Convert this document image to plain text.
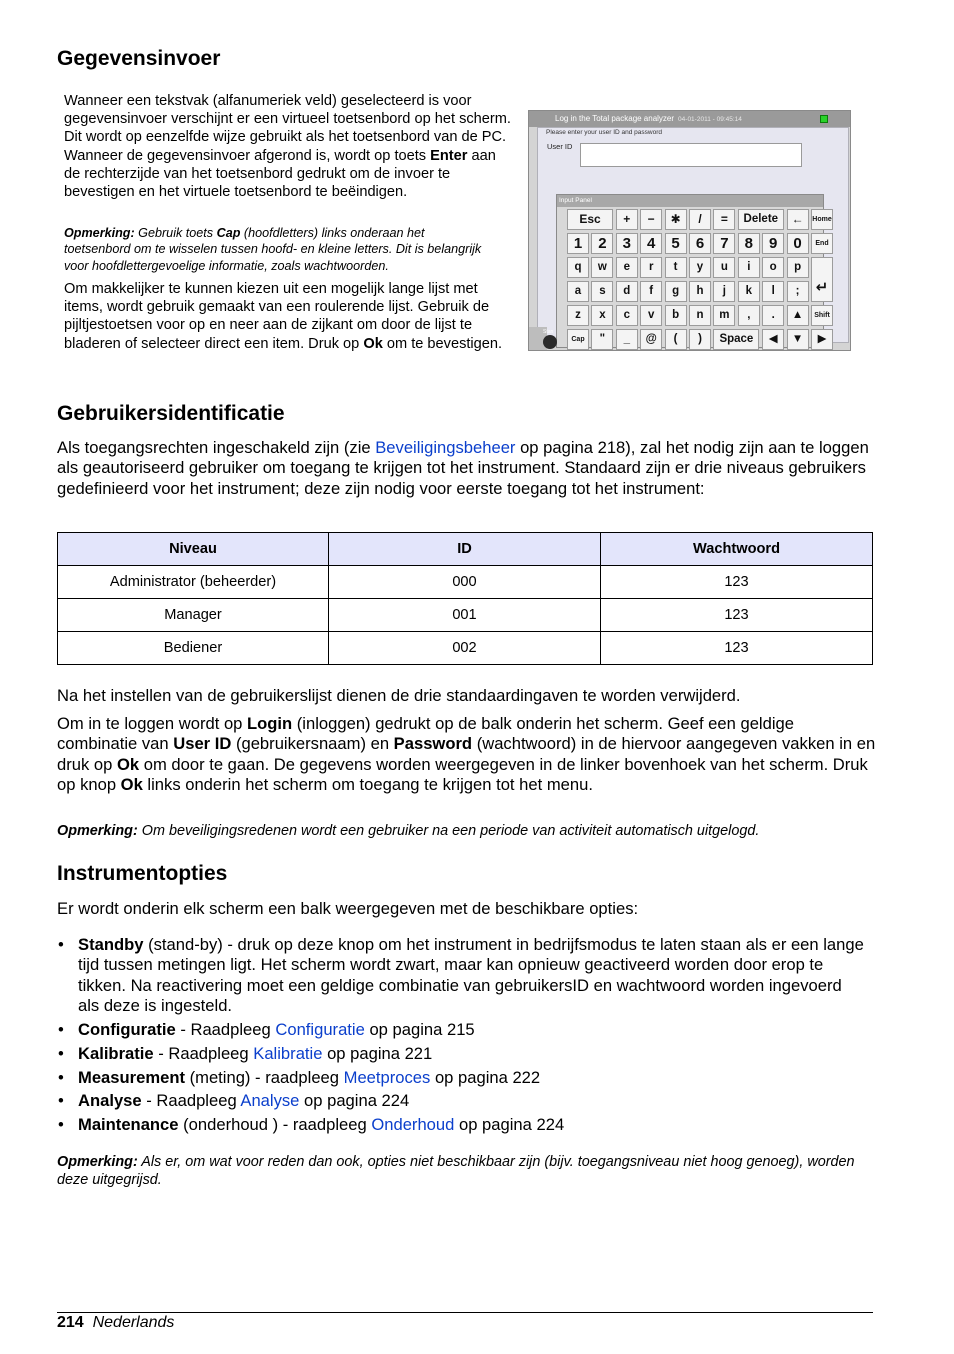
Gegevensinvoer
Wanneer een tekstvak (alfanumeriek veld) geselecteerd is voor gegevensinvoer verschijnt er een virtueel toetsenbord op het scherm. Dit wordt op eenzelfde wijze gebruikt als het toetsenbord van de PC. Wanneer de gegevensinvoer afgerond is, wordt op toets Enter aan de rechterzijde van het toetsenbord gedrukt om de invoer te bevestigen en het virtuele toetsenbord te beëindigen.
Opmerking: Gebruik toets Cap (hoofdletters) links onderaan het toetsenbord om te wisselen tussen hoofd- en kleine letters. Dit is belangrijk voor hoofdlettergevoelige informatie, zoals wachtwoorden.
Om makkelijker te kunnen kiezen uit een mogelijk lange lijst met items, wordt gebruik gemaakt van een roulerende lijst. Gebruik de pijltjestoetsen voor op en neer aan de zijkant om door de lijst te bladeren of selecteer direct een item. Druk op Ok om te bevestigen.
Log in the Total package analyzer 04-01-2011 - 09:45:14
Please enter your user ID and password
User ID
Input Panel
Esc	+	−	✱	/	=	Delete	←	Home
1	2	3	4	5	6	7	8	9	0	End
q	w	e	r	t	y	u	i	o	p
a	s	d	f	g	h	j	k	l	;
z	x	c	v	b	n	m	,	.	▲	Shift
Cap	"	_	@	(	)	Space	◀	▼	▶
↵
Stan
Gebruikersidentificatie
Als toegangsrechten ingeschakeld zijn (zie Beveiligingsbeheer op pagina 218), zal het nodig zijn aan te loggen als geautoriseerd gebruiker om toegang te krijgen tot het instrument. Standaard zijn er drie niveaus gebruikers gedefinieerd voor het instrument; deze zijn nodig voor eerste toegang tot het instrument:
Niveau	ID	Wachtwoord
Administrator (beheerder)	000	123
Manager	001	123
Bediener	002	123
Na het instellen van de gebruikerslijst dienen de drie standaardingaven te worden verwijderd.
Om in te loggen wordt op Login (inloggen) gedrukt op de balk onderin het scherm. Geef een geldige combinatie van User ID (gebruikersnaam) en Password (wachtwoord) in de hiervoor aangegeven vakken in en druk op Ok om door te gaan. De gegevens worden weergegeven in de linker bovenhoek van het scherm. Druk op knop Ok links onderin het scherm om toegang te krijgen tot het menu.
Opmerking: Om beveiligingsredenen wordt een gebruiker na een periode van activiteit automatisch uitgelogd.
Instrumentopties
Er wordt onderin elk scherm een balk weergegeven met de beschikbare opties:
• Standby (stand-by) - druk op deze knop om het instrument in bedrijfsmodus te laten staan als er een lange tijd tussen metingen ligt. Het scherm wordt zwart, maar kan opnieuw geactiveerd worden door erop te tikken. Na reactivering moet een geldige combinatie van gebruikersID en wachtwoord worden ingevoerd als deze is ingesteld.
• Configuratie - Raadpleeg Configuratie op pagina 215
• Kalibratie - Raadpleeg Kalibratie op pagina 221
• Measurement (meting) - raadpleeg Meetproces op pagina 222
• Analyse - Raadpleeg Analyse op pagina 224
• Maintenance (onderhoud ) - raadpleeg Onderhoud op pagina 224
Opmerking: Als er, om wat voor reden dan ook, opties niet beschikbaar zijn (bijv. toegangsniveau niet hoog genoeg), worden deze uitgegrijsd.
214 Nederlands
